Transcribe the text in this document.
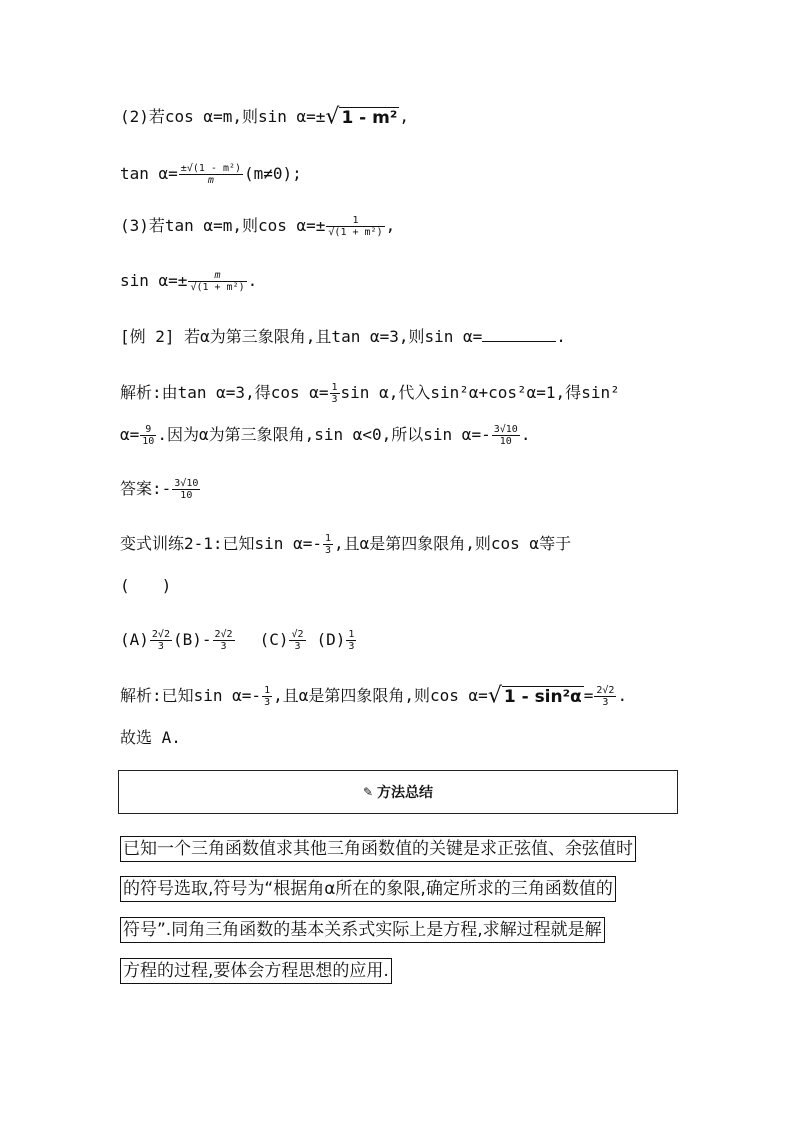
(2)若cos α=m,则sin α=±√ 1 - m² ,
$\tan \alpha= \frac{\text{±√(1 - m²)}}{m} (m\ne 0)$;
(3)若tan α=m,则$\cos \alpha=\pm \frac{1}{\text{√(1 + m²)}}$ ,
$\sin \alpha=\pm \frac{m}{\text{√(1 + m²)}}$ .
[例 2] 若α为第三象限角,且tan α=3,则sin α=	.
解析:由tan α=3,得$\cos \alpha= \frac{1}{3}$ sin α,代入sin²α+cos²α=1,得sin²
$\alpha= \frac{9}{10}$ .因为α为第三象限角,sin α<0,所以$\sin \alpha=- \frac{3√10}{10}$ .
答案:- $\frac{3√10}{10}$
变式训练2-1:已知$\sin \alpha=- \frac{1}{3}$ ,且α是第四象限角,则cos α等于
(　　)
$(A) \frac{2√2}{3} (B)- \frac{2√2}{3} (C) \frac{√2}{3} (D) \frac{1}{3}$
解析:已知$\sin \alpha=- \frac{1}{3}$ ,且α是第四象限角,则cos α=√ $1 - \sin^2\alpha = \frac{2√2}{3}$ .
故选 A.
✎ 方法总结
已知一个三角函数值求其他三角函数值的关键是求正弦值、余弦值时
的符号选取,符号为“根据角α所在的象限,确定所求的三角函数值的
符号”.同角三角函数的基本关系式实际上是方程,求解过程就是解
方程的过程,要体会方程思想的应用.
